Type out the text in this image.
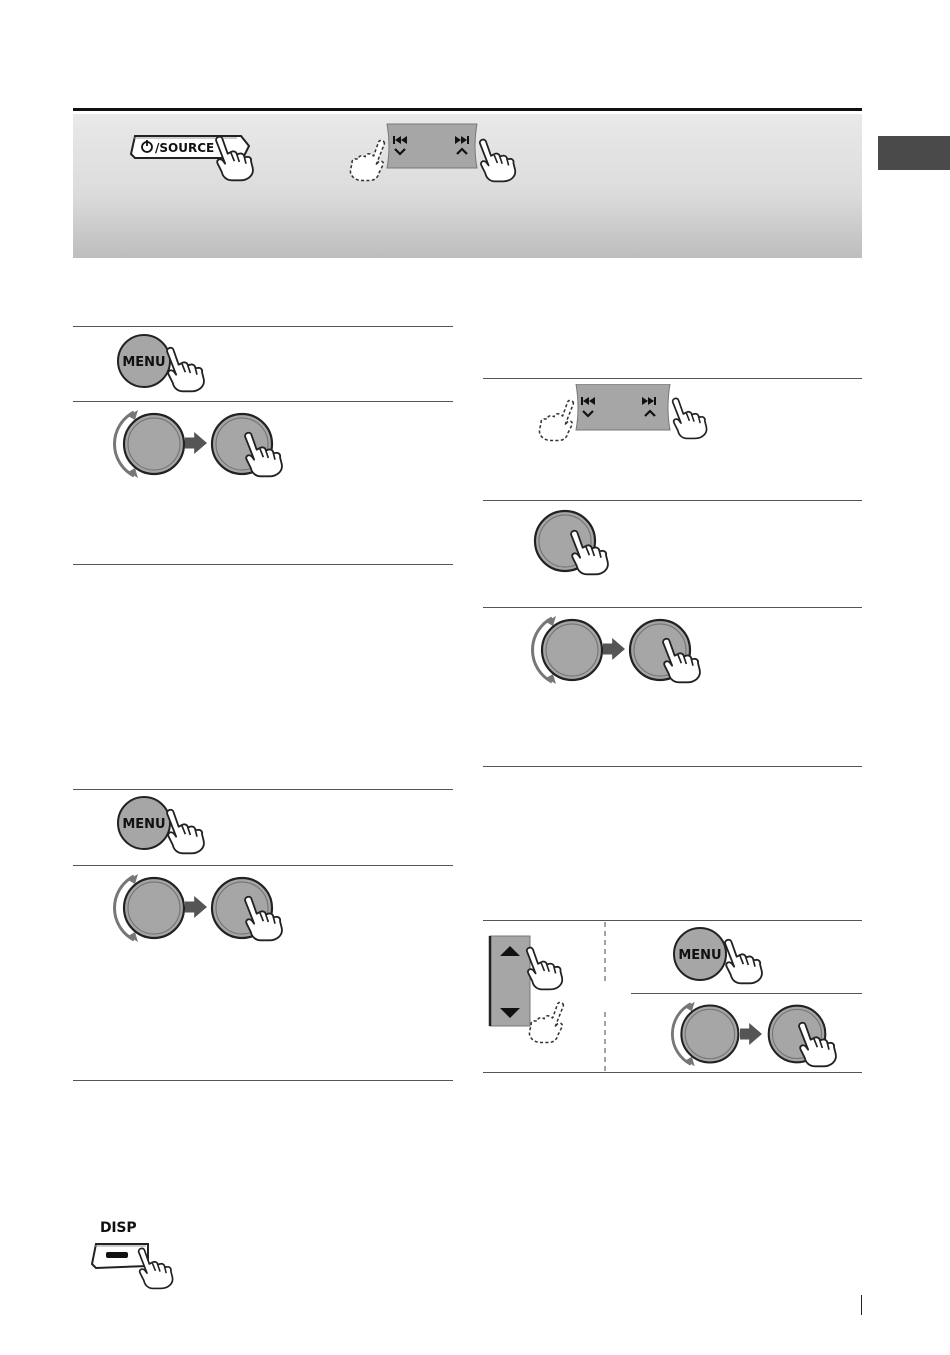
/SOURCE
MENU
MENU
DISP
MENU
